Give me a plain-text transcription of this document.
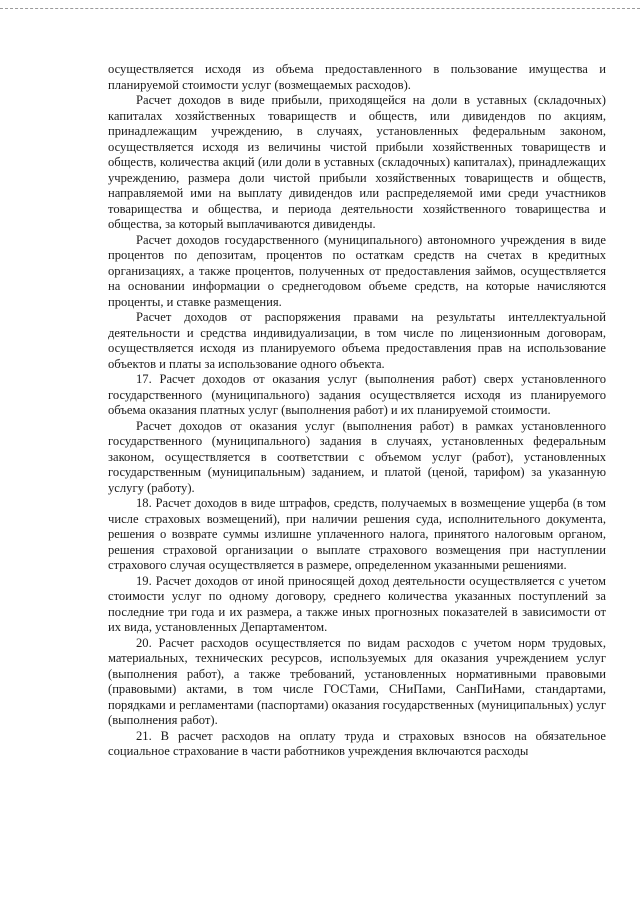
осуществляется исходя из объема предоставленного в пользование имущества и планируемой стоимости услуг (возмещаемых расходов).

Расчет доходов в виде прибыли, приходящейся на доли в уставных (складочных) капиталах хозяйственных товариществ и обществ, или дивидендов по акциям, принадлежащим учреждению, в случаях, установленных федеральным законом, осуществляется исходя из величины чистой прибыли хозяйственных товариществ и обществ, количества акций (или доли в уставных (складочных) капиталах), принадлежащих учреждению, размера доли чистой прибыли хозяйственных товариществ и обществ, направляемой ими на выплату дивидендов или распределяемой ими среди участников товарищества и общества, и периода деятельности хозяйственного товарищества и общества, за который выплачиваются дивиденды.

Расчет доходов государственного (муниципального) автономного учреждения в виде процентов по депозитам, процентов по остаткам средств на счетах в кредитных организациях, а также процентов, полученных от предоставления займов, осуществляется на основании информации о среднегодовом объеме средств, на которые начисляются проценты, и ставке размещения.

Расчет доходов от распоряжения правами на результаты интеллектуальной деятельности и средства индивидуализации, в том числе по лицензионным договорам, осуществляется исходя из планируемого объема предоставления прав на использование объектов и платы за использование одного объекта.

17. Расчет доходов от оказания услуг (выполнения работ) сверх установленного государственного (муниципального) задания осуществляется исходя из планируемого объема оказания платных услуг (выполнения работ) и их планируемой стоимости.

Расчет доходов от оказания услуг (выполнения работ) в рамках установленного государственного (муниципального) задания в случаях, установленных федеральным законом, осуществляется в соответствии с объемом услуг (работ), установленных государственным (муниципальным) заданием, и платой (ценой, тарифом) за указанную услугу (работу).

18. Расчет доходов в виде штрафов, средств, получаемых в возмещение ущерба (в том числе страховых возмещений), при наличии решения суда, исполнительного документа, решения о возврате суммы излишне уплаченного налога, принятого налоговым органом, решения страховой организации о выплате страхового возмещения при наступлении страхового случая осуществляется в размере, определенном указанными решениями.

19. Расчет доходов от иной приносящей доход деятельности осуществляется с учетом стоимости услуг по одному договору, среднего количества указанных поступлений за последние три года и их размера, а также иных прогнозных показателей в зависимости от их вида, установленных Департаментом.

20. Расчет расходов осуществляется по видам расходов с учетом норм трудовых, материальных, технических ресурсов, используемых для оказания учреждением услуг (выполнения работ), а также требований, установленных нормативными правовыми (правовыми) актами, в том числе ГОСТами, СНиПами, СанПиНами, стандартами, порядками и регламентами (паспортами) оказания государственных (муниципальных) услуг (выполнения работ).

21. В расчет расходов на оплату труда и страховых взносов на обязательное социальное страхование в части работников учреждения включаются расходы
